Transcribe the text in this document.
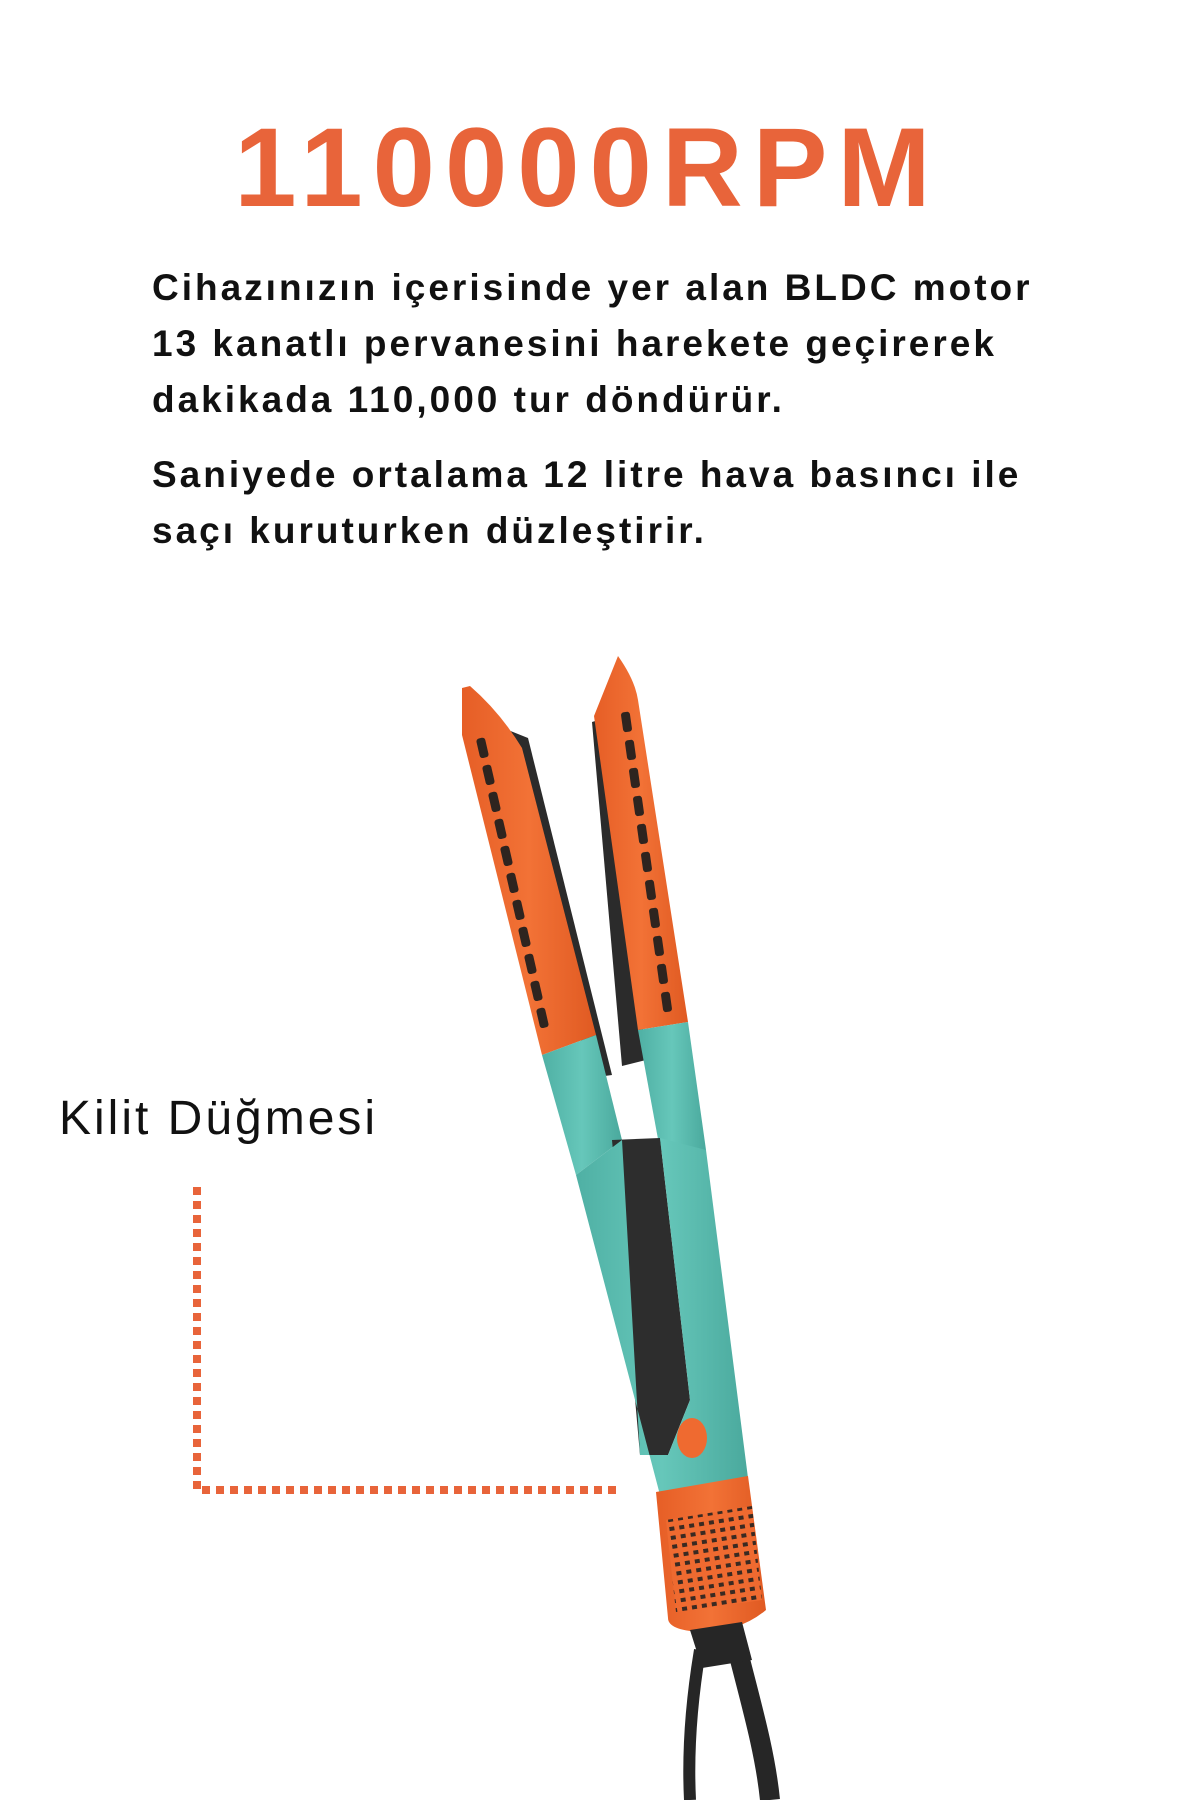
110000RPM

Cihazınızın içerisinde yer alan BLDC motor 13 kanatlı pervanesini harekete geçirerek dakikada 110,000 tur döndürür.

Saniyede ortalama 12 litre hava basıncı ile saçı kuruturken düzleştirir.

Kilit Düğmesi
